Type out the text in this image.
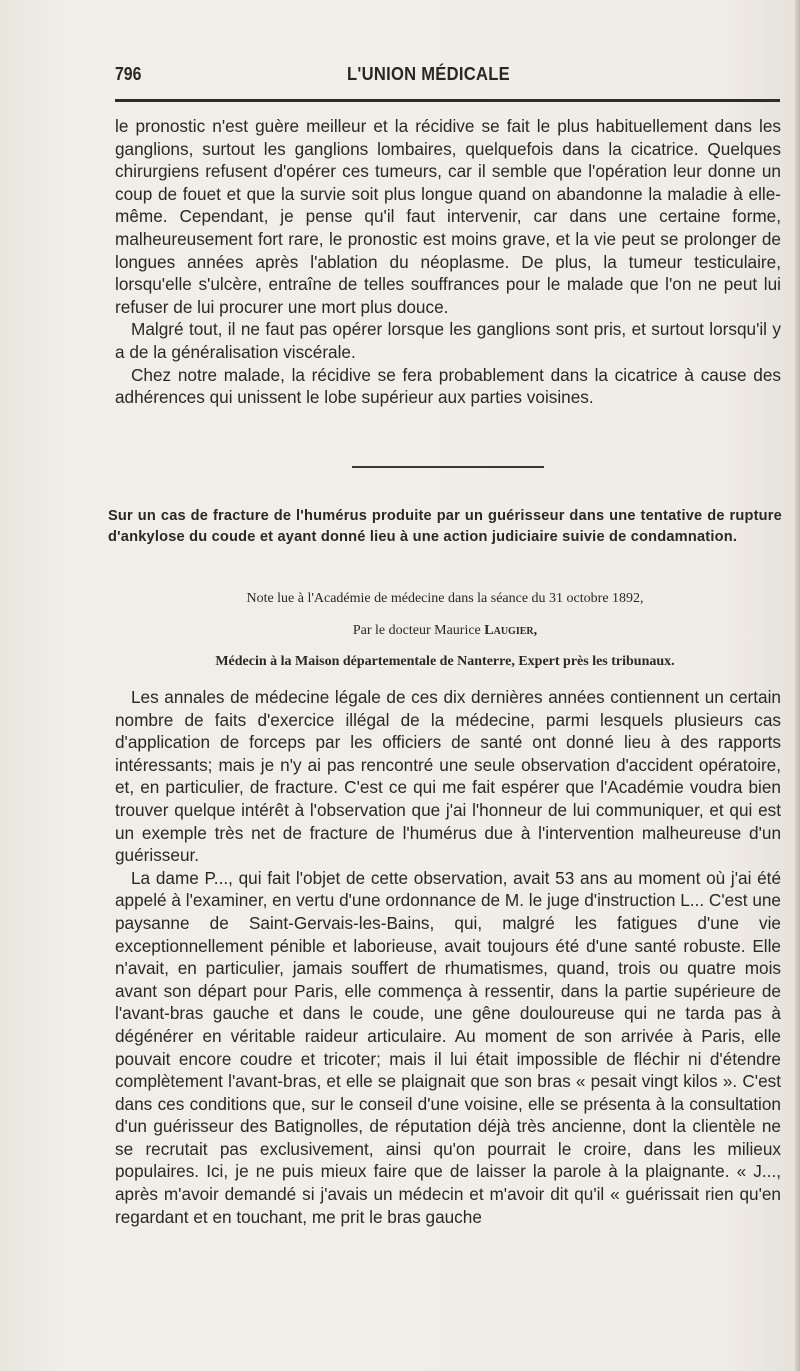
796	L'UNION MÉDICALE

le pronostic n'est guère meilleur et la récidive se fait le plus habituellement dans les ganglions, surtout les ganglions lombaires, quelquefois dans la cicatrice. Quelques chirurgiens refusent d'opérer ces tumeurs, car il semble que l'opération leur donne un coup de fouet et que la survie soit plus longue quand on abandonne la maladie à elle-même. Cependant, je pense qu'il faut intervenir, car dans une certaine forme, malheureusement fort rare, le pronostic est moins grave, et la vie peut se prolonger de longues années après l'ablation du néoplasme. De plus, la tumeur testiculaire, lorsqu'elle s'ulcère, entraîne de telles souffrances pour le malade que l'on ne peut lui refuser de lui procurer une mort plus douce.

Malgré tout, il ne faut pas opérer lorsque les ganglions sont pris, et surtout lorsqu'il y a de la généralisation viscérale.

Chez notre malade, la récidive se fera probablement dans la cicatrice à cause des adhérences qui unissent le lobe supérieur aux parties voisines.

Sur un cas de fracture de l'humérus produite par un guérisseur dans une tentative de rupture d'ankylose du coude et ayant donné lieu à une action judiciaire suivie de condamnation.
Note lue à l'Académie de médecine dans la séance du 31 octobre 1892,
Par le docteur Maurice Laugier,
Médecin à la Maison départementale de Nanterre, Expert près les tribunaux.

Les annales de médecine légale de ces dix dernières années contiennent un certain nombre de faits d'exercice illégal de la médecine, parmi lesquels plusieurs cas d'application de forceps par les officiers de santé ont donné lieu à des rapports intéressants; mais je n'y ai pas rencontré une seule observation d'accident opératoire, et, en particulier, de fracture. C'est ce qui me fait espérer que l'Académie voudra bien trouver quelque intérêt à l'observation que j'ai l'honneur de lui communiquer, et qui est un exemple très net de fracture de l'humérus due à l'intervention malheureuse d'un guérisseur.

La dame P..., qui fait l'objet de cette observation, avait 53 ans au moment où j'ai été appelé à l'examiner, en vertu d'une ordonnance de M. le juge d'instruction L... C'est une paysanne de Saint-Gervais-les-Bains, qui, malgré les fatigues d'une vie exceptionnellement pénible et laborieuse, avait toujours été d'une santé robuste. Elle n'avait, en particulier, jamais souffert de rhumatismes, quand, trois ou quatre mois avant son départ pour Paris, elle commença à ressentir, dans la partie supérieure de l'avant-bras gauche et dans le coude, une gêne douloureuse qui ne tarda pas à dégénérer en véritable raideur articulaire. Au moment de son arrivée à Paris, elle pouvait encore coudre et tricoter; mais il lui était impossible de fléchir ni d'étendre complètement l'avant-bras, et elle se plaignait que son bras « pesait vingt kilos ». C'est dans ces conditions que, sur le conseil d'une voisine, elle se présenta à la consultation d'un guérisseur des Batignolles, de réputation déjà très ancienne, dont la clientèle ne se recrutait pas exclusivement, ainsi qu'on pourrait le croire, dans les milieux populaires. Ici, je ne puis mieux faire que de laisser la parole à la plaignante. « J..., après m'avoir demandé si j'avais un médecin et m'avoir dit qu'il « guérissait rien qu'en regardant et en touchant, me prit le bras gauche
